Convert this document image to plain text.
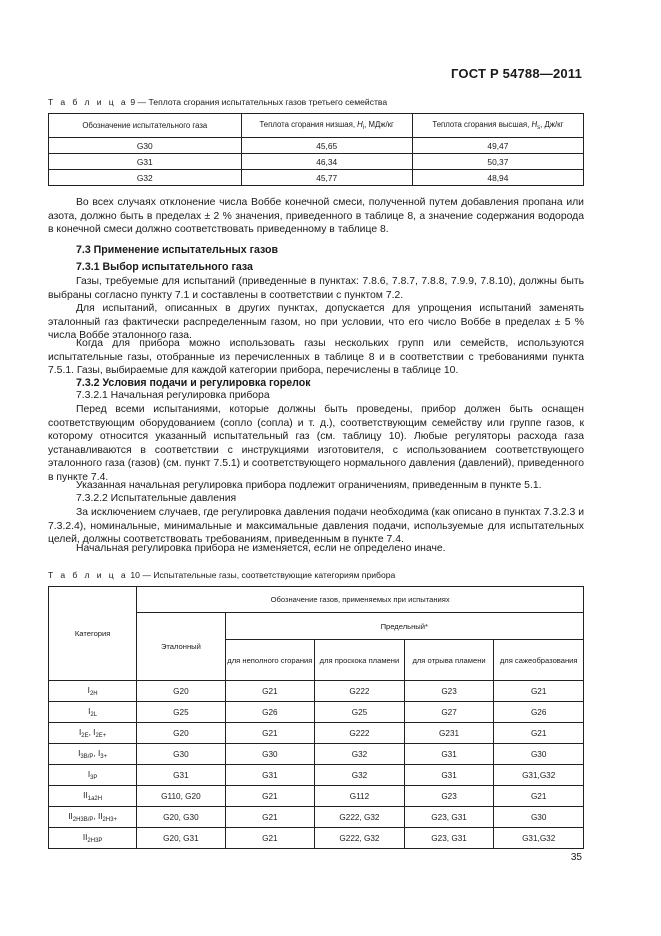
ГОСТ Р 54788—2011
Т а б л и ц а 9 — Теплота сгорания испытательных газов третьего семейства
Обозначение испытательного газа	Теплота сгорания низшая, $H_i$, МДж/кг	Теплота сгорания высшая, $H_s$, Дж/кг
G30	45,65	49,47
G31	46,34	50,37
G32	45,77	48,94
Во всех случаях отклонение числа Воббе конечной смеси, полученной путем добавления пропана или азота, должно быть в пределах ± 2 % значения, приведенного в таблице 8, а значение содержания водорода в конечной смеси должно соответствовать приведенному в таблице 8.
7.3 Применение испытательных газов
7.3.1 Выбор испытательного газа
Газы, требуемые для испытаний (приведенные в пунктах: 7.8.6, 7.8.7, 7.8.8, 7.9.9, 7.8.10), должны быть выбраны согласно пункту 7.1 и составлены в соответствии с пунктом 7.2.
Для испытаний, описанных в других пунктах, допускается для упрощения испытаний заменять эталонный газ фактически распределенным газом, но при условии, что его число Воббе в пределах ± 5 % числа Воббе эталонного газа.
Когда для прибора можно использовать газы нескольких групп или семейств, используются испытательные газы, отобранные из перечисленных в таблице 8 и в соответствии с требованиями пункта 7.5.1. Газы, выбираемые для каждой категории прибора, перечислены в таблице 10.
7.3.2 Условия подачи и регулировка горелок
7.3.2.1 Начальная регулировка прибора
Перед всеми испытаниями, которые должны быть проведены, прибор должен быть оснащен соответствующим оборудованием (сопло (сопла) и т. д.), соответствующим семейству или группе газов, к которому относится указанный испытательный газ (см. таблицу 10). Любые регуляторы расхода газа устанавливаются в соответствии с инструкциями изготовителя, с использованием соответствующего эталонного газа (газов) (см. пункт 7.5.1) и соответствующего нормального давления (давлений), приведенного в пункте 7.4.
Указанная начальная регулировка прибора подлежит ограничениям, приведенным в пункте 5.1.
7.3.2.2 Испытательные давления
За исключением случаев, где регулировка давления подачи необходима (как описано в пунктах 7.3.2.3 и 7.3.2.4), номинальные, минимальные и максимальные давления подачи, используемые для испытательных целей, должны соответствовать требованиям, приведенным в пункте 7.4.
Начальная регулировка прибора не изменяется, если не определено иначе.
Т а б л и ц а 10 — Испытательные газы, соответствующие категориям прибора
Категория	Обозначение газов, применяемых при испытаниях				
	Эталонный	Предельный*			
		для неполного сгорания	для проскока пламени	для отрыва пламени	для сажеобразования
$I_{2H}$	G20	G21	G222	G23	G21
$I_{2L}$	G25	G26	G25	G27	G26
$I_{2E}$, $I_{2E+}$	G20	G21	G222	G231	G21
$I_{3B/P}$, $I_{3+}$	G30	G30	G32	G31	G30
$I_{3P}$	G31	G31	G32	G31	G31,G32
$II_{1a2H}$	G110, G20	G21	G112	G23	G21
$II_{2H3B/P}$, $II_{2H3+}$	G20, G30	G21	G222, G32	G23, G31	G30
$II_{2H3P}$	G20, G31	G21	G222, G32	G23, G31	G31,G32
35
